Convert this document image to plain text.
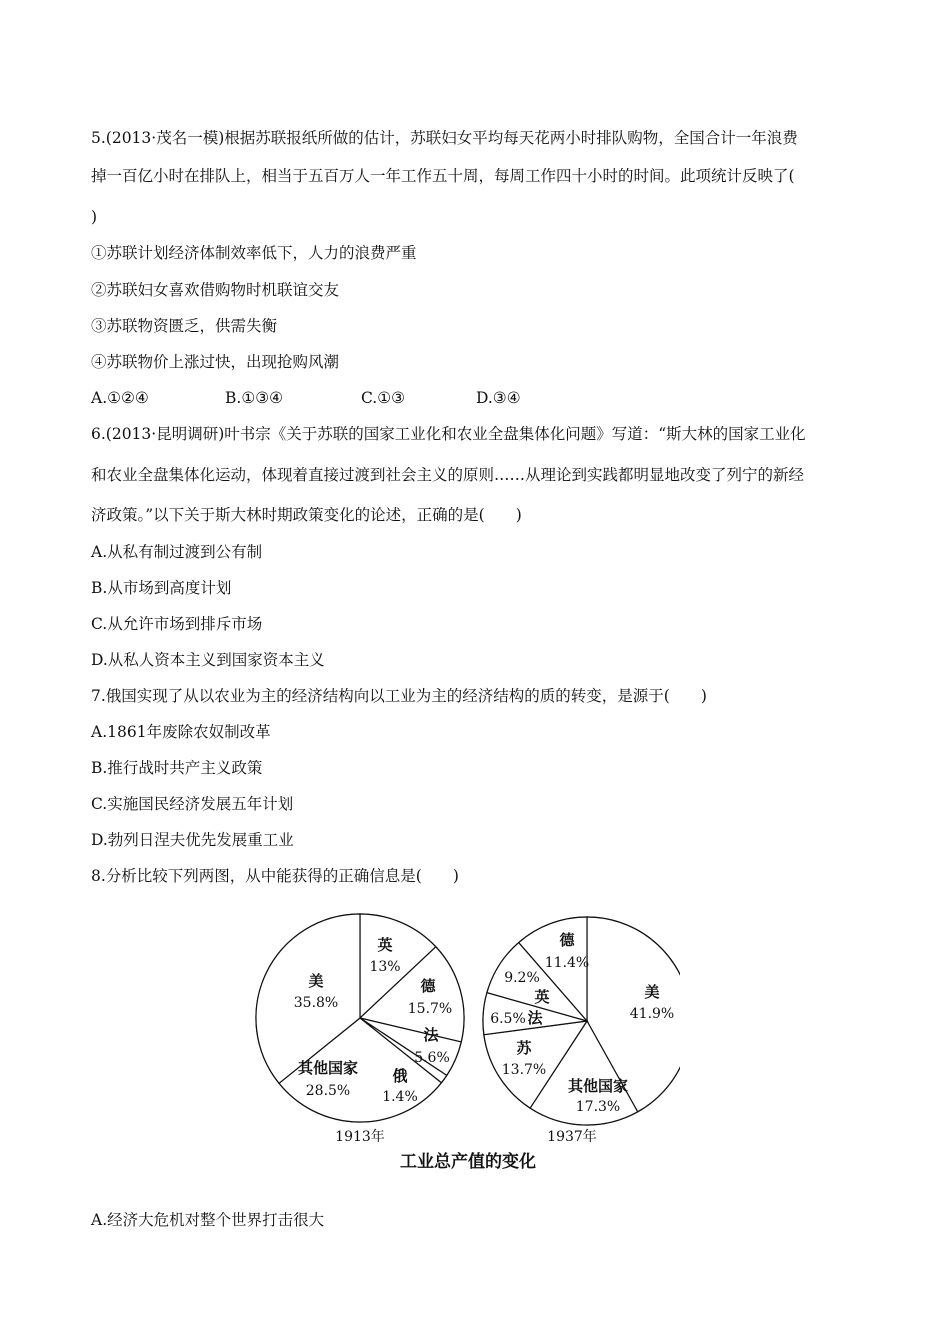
5.(2013·茂名一模)根据苏联报纸所做的估计，苏联妇女平均每天花两小时排队购物，全国合计一年浪费
掉一百亿小时在排队上，相当于五百万人一年工作五十周，每周工作四十小时的时间。此项统计反映了(
)
①苏联计划经济体制效率低下，人力的浪费严重
②苏联妇女喜欢借购物时机联谊交友
③苏联物资匮乏，供需失衡
④苏联物价上涨过快，出现抢购风潮
A.①②④	B.①③④	C.①③	D.③④
6.(2013·昆明调研)叶书宗《关于苏联的国家工业化和农业全盘集体化问题》写道：“斯大林的国家工业化
和农业全盘集体化运动，体现着直接过渡到社会主义的原则……从理论到实践都明显地改变了列宁的新经
济政策。”以下关于斯大林时期政策变化的论述，正确的是(　　)
A.从私有制过渡到公有制
B.从市场到高度计划
C.从允许市场到排斥市场
D.从私人资本主义到国家资本主义
7.俄国实现了从以农业为主的经济结构向以工业为主的经济结构的质的转变，是源于(　　)
A.1861年废除农奴制改革
B.推行战时共产主义政策
C.实施国民经济发展五年计划
D.勃列日涅夫优先发展重工业
8.分析比较下列两图，从中能获得的正确信息是(　　)
英
13%
德
15.7%
法
5.6%
俄
1.4%
其他国家
28.5%
美
35.8%
美
41.9%
其他国家
17.3%
苏
13.7%
法
6.5%
英
9.2%
德
11.4%
1913年	1937年
工业总产值的变化
A.经济大危机对整个世界打击很大
